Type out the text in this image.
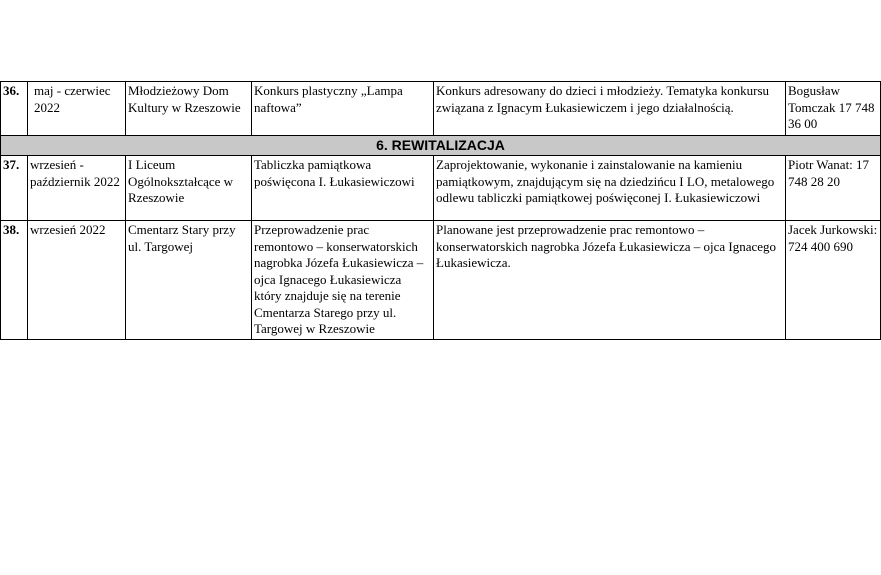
36.	maj - czerwiec 2022	Młodzieżowy Dom Kultury w Rzeszowie	Konkurs plastyczny „Lampa naftowa”	Konkurs adresowany do dzieci i młodzieży. Tematyka konkursu związana z Ignacym Łukasiewiczem i jego działalnością.	Bogusław Tomczak 17 748 36 00
6. REWITALIZACJA					
37.	wrzesień - październik 2022	I Liceum Ogólnokształcące w Rzeszowie	Tabliczka pamiątkowa poświęcona I. Łukasiewiczowi	Zaprojektowanie, wykonanie i zainstalowanie na kamieniu pamiątkowym, znajdującym się na dziedzińcu I LO, metalowego odlewu tabliczki pamiątkowej poświęconej I. Łukasiewiczowi	Piotr Wanat: 17 748 28 20
38.	wrzesień 2022	Cmentarz Stary przy ul. Targowej	Przeprowadzenie prac remontowo – konserwatorskich nagrobka Józefa Łukasiewicza – ojca Ignacego Łukasiewicza który znajduje się na terenie Cmentarza Starego przy ul. Targowej w Rzeszowie	Planowane jest przeprowadzenie prac remontowo – konserwatorskich nagrobka Józefa Łukasiewicza – ojca Ignacego Łukasiewicza.	Jacek Jurkowski: 724 400 690
